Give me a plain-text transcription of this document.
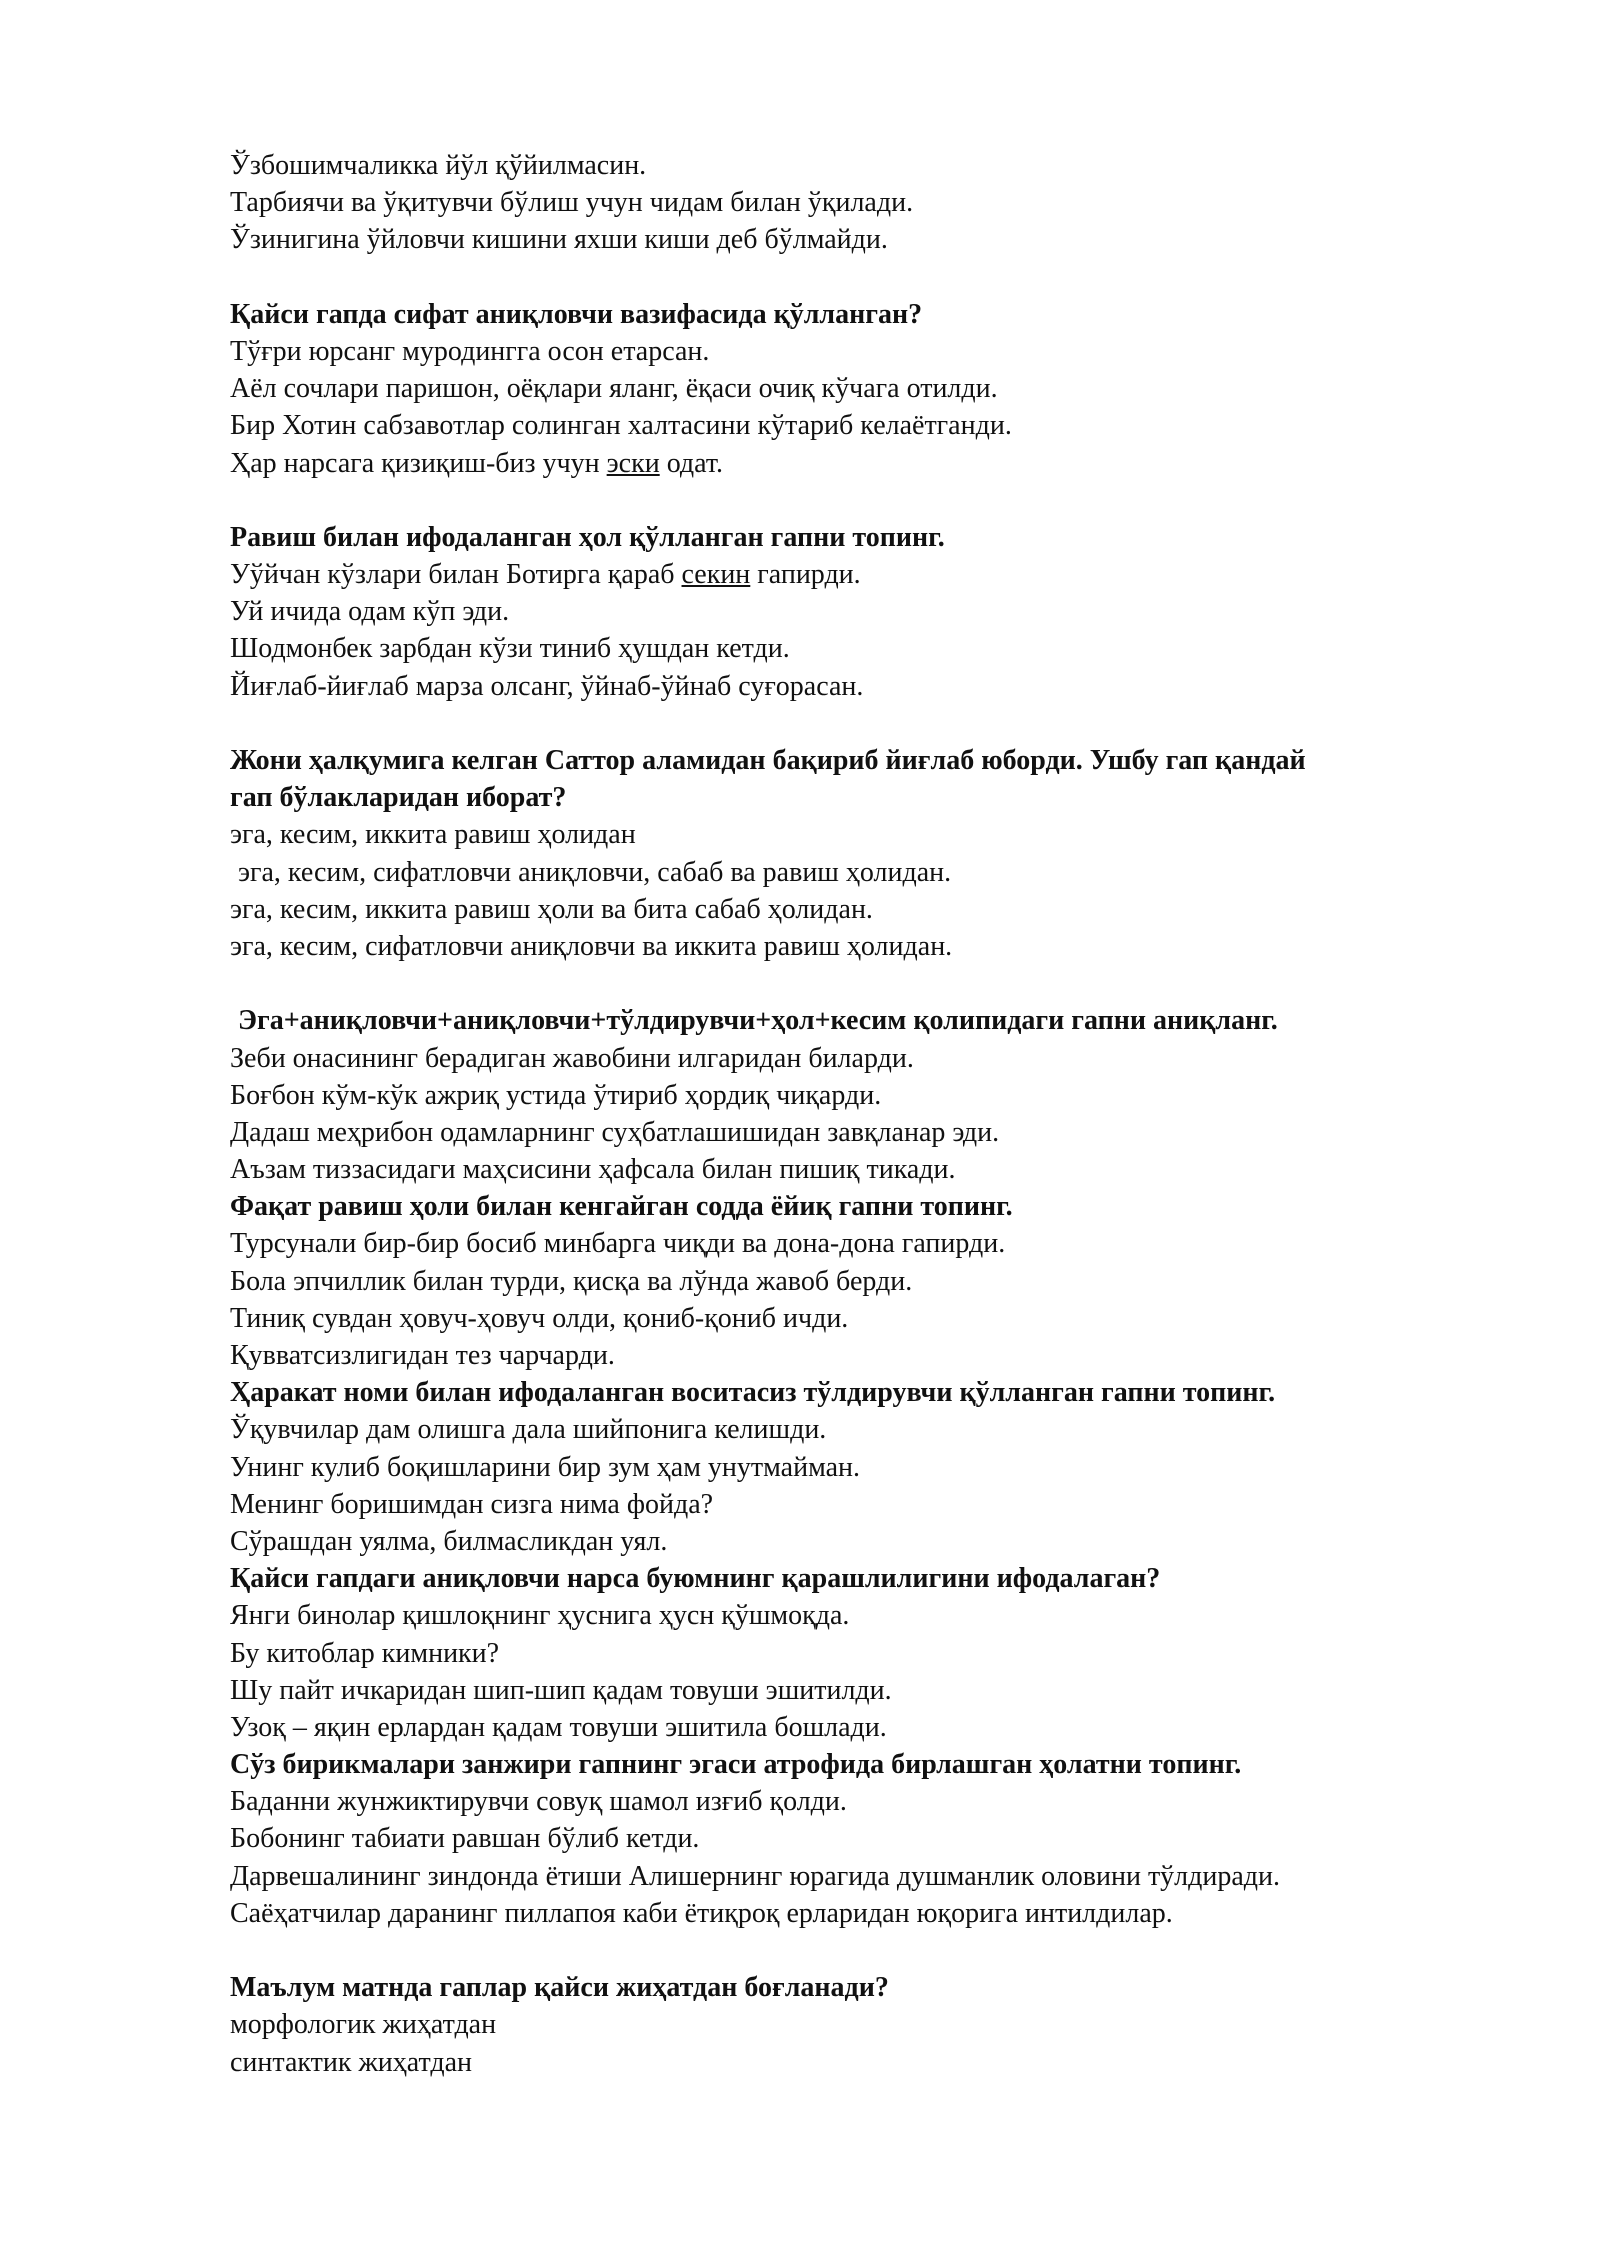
Ўзбошимчаликка йўл қўйилмасин.

Тарбиячи ва ўқитувчи бўлиш учун чидам билан ўқилади.

Ўзинигина ўйловчи кишини яхши киши деб бўлмайди.

Қайси гапда сифат аниқловчи вазифасида қўлланган?

Тўғри юрсанг муродингга осон етарсан.

Аёл сочлари паришон, оёқлари яланг, ёқаси очиқ кўчага отилди.

Бир Хотин сабзавотлар солинган халтасини кўтариб келаётганди.

Ҳар нарсага қизиқиш-биз учун эски одат.

Равиш билан ифодаланган ҳол қўлланган гапни топинг.

Уўйчан кўзлари билан Ботирга қараб секин гапирди.

Уй ичида одам кўп эди.

Шодмонбек зарбдан кўзи тиниб ҳушдан кетди.

Йиғлаб-йиғлаб марза олсанг, ўйнаб-ўйнаб суғорасан.

Жони ҳалқумига келган Саттор аламидан бақириб йиғлаб юборди. Ушбу гап қандай

гап бўлакларидан иборат?

эга, кесим, иккита равиш ҳолидан

эга, кесим, сифатловчи аниқловчи, сабаб ва равиш ҳолидан.

эга, кесим, иккита равиш ҳоли ва бита сабаб ҳолидан.

эга, кесим, сифатловчи аниқловчи ва иккита равиш ҳолидан.

Эга+аниқловчи+аниқловчи+тўлдирувчи+ҳол+кесим қолипидаги гапни аниқланг.

Зеби онасининг берадиган жавобини илгаридан биларди.

Боғбон кўм-кўк ажриқ устида ўтириб ҳордиқ чиқарди.

Дадаш меҳрибон одамларнинг суҳбатлашишидан завқланар эди.

Аъзам тиззасидаги маҳсисини ҳафсала билан пишиқ тикади.

Фақат равиш ҳоли билан кенгайган содда ёйиқ гапни топинг.

Турсунали бир-бир босиб минбарга чиқди ва дона-дона гапирди.

Бола эпчиллик билан турди, қисқа ва лўнда жавоб берди.

Тиниқ сувдан ҳовуч-ҳовуч олди, қониб-қониб ичди.

Қувватсизлигидан тез чарчарди.

Ҳаракат номи билан ифодаланган воситасиз тўлдирувчи қўлланган гапни топинг.

Ўқувчилар дам олишга дала шийпонига келишди.

Унинг кулиб боқишларини бир зум ҳам унутмайман.

Менинг боришимдан сизга нима фойда?

Сўрашдан уялма, билмасликдан уял.

Қайси гапдаги аниқловчи нарса буюмнинг қарашлилигини ифодалаган?

Янги бинолар қишлоқнинг ҳуснига ҳусн қўшмоқда.

Бу китоблар кимники?

Шу пайт ичкаридан шип-шип қадам товуши эшитилди.

Узоқ – яқин ерлардан қадам товуши эшитила бошлади.

Сўз бирикмалари занжири гапнинг эгаси атрофида бирлашган ҳолатни топинг.

Баданни жунжиктирувчи совуқ шамол изғиб қолди.

Бобонинг табиати равшан бўлиб кетди.

Дарвешалининг зиндонда ётиши Алишернинг юрагида душманлик оловини тўлдиради.

Саёҳатчилар даранинг пиллапоя каби ётиқроқ ерларидан юқорига интилдилар.

Маълум матнда гаплар қайси жиҳатдан боғланади?

морфологик жиҳатдан

синтактик жиҳатдан
